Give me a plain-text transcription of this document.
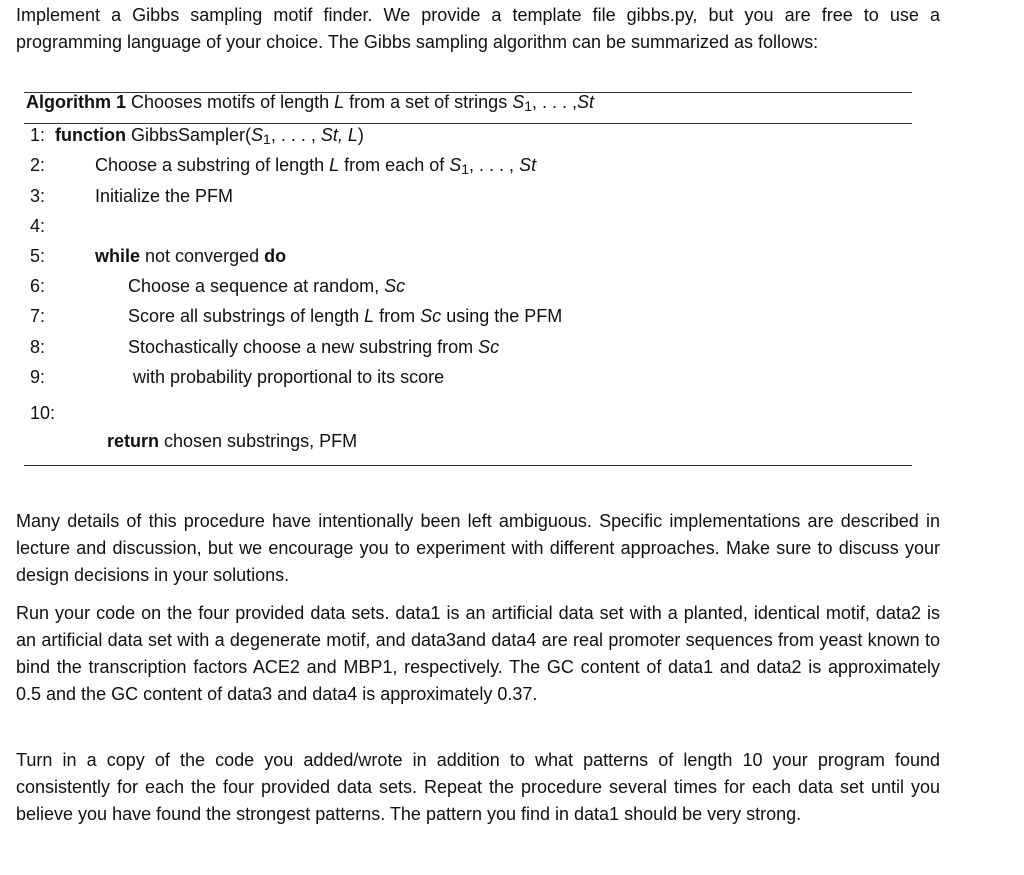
Implement a Gibbs sampling motif finder. We provide a template file gibbs.py, but you are free to use a programming language of your choice. The Gibbs sampling algorithm can be summarized as follows:

Algorithm 1 Chooses motifs of length L from a set of strings $S_1$, . . . ,St
1: function $GibbsSampler(S_1$, . . . , St, L)
2:	Choose a substring of length L from each of $S_1$, . . . , St
3:	Initialize the PFM
4:
5:	while not converged do
6:	Choose a sequence at random, Sc
7:	Score all substrings of length L from Sc using the PFM
8:	Stochastically choose a new substring from Sc
9:	with probability proportional to its score
10:
return chosen substrings, PFM

Many details of this procedure have intentionally been left ambiguous. Specific implementations are described in lecture and discussion, but we encourage you to experiment with different approaches. Make sure to discuss your design decisions in your solutions.

Run your code on the four provided data sets. data1 is an artificial data set with a planted, identical motif, data2 is an artificial data set with a degenerate motif, and data3and data4 are real promoter sequences from yeast known to bind the transcription factors ACE2 and MBP1, respectively. The GC content of data1 and data2 is approximately 0.5 and the GC content of data3 and data4 is approximately 0.37.

Turn in a copy of the code you added/wrote in addition to what patterns of length 10 your program found consistently for each the four provided data sets. Repeat the procedure several times for each data set until you believe you have found the strongest patterns. The pattern you find in data1 should be very strong.
